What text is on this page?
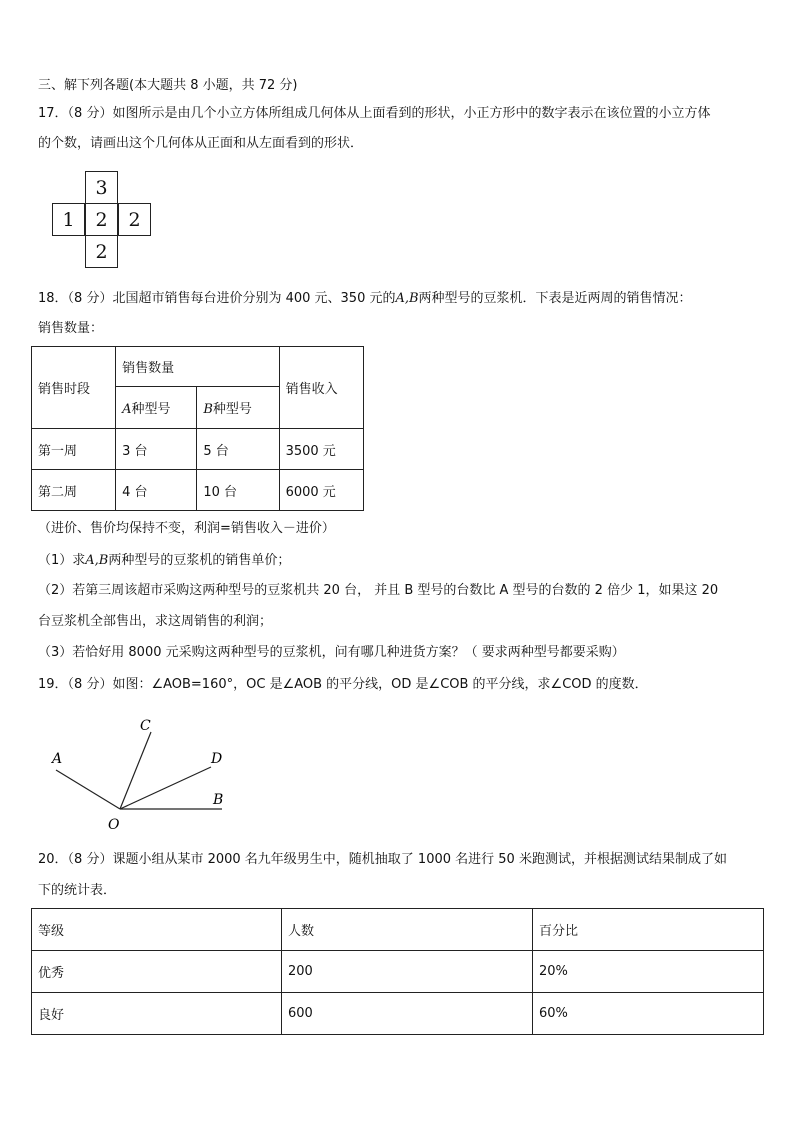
三、解下列各题(本大题共 8 小题，共 72 分)
17．（8 分）如图所示是由几个小立方体所组成几何体从上面看到的形状，小正方形中的数字表示在该位置的小立方体
的个数，请画出这个几何体从正面和从左面看到的形状．
3
1	2	2
2
18．（8 分）北国超市销售每台进价分别为 400 元、350 元的A,B两种型号的豆浆机．下表是近两周的销售情况：
销售数量：
销售时段	销售数量		销售收入
	A种型号	B种型号	
第一周	3 台	5 台	3500 元
第二周	4 台	10 台	6000 元
（进价、售价均保持不变，利润=销售收入－进价）
（1）求A,B两种型号的豆浆机的销售单价；
（2）若第三周该超市采购这两种型号的豆浆机共 20 台， 并且 B 型号的台数比 A 型号的台数的 2 倍少 1，如果这 20
台豆浆机全部售出，求这周销售的利润；
（3）若恰好用 8000 元采购这两种型号的豆浆机，问有哪几种进货方案？（ 要求两种型号都要采购）
19．（8 分）如图：∠AOB=160°，OC 是∠AOB 的平分线，OD 是∠COB 的平分线，求∠COD 的度数．
A
C
D
B
O
20．（8 分）课题小组从某市 2000 名九年级男生中，随机抽取了 1000 名进行 50 米跑测试，并根据测试结果制成了如
下的统计表．
等级	人数	百分比
优秀	200	20%
良好	600	60%
